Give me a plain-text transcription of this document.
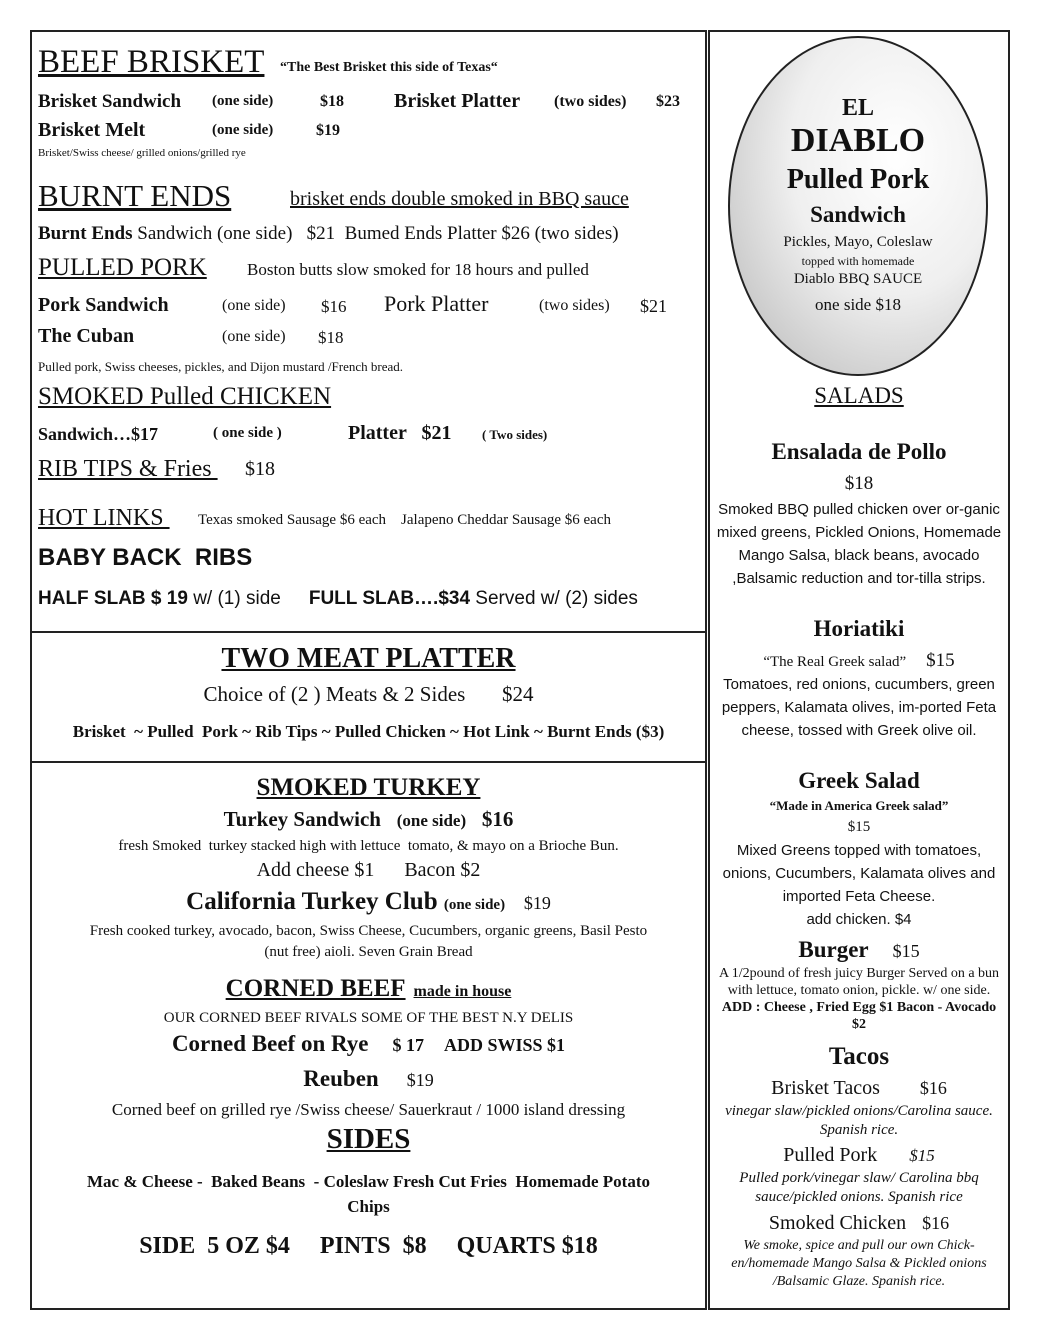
BEEF BRISKET “The Best Brisket this side of Texas“
Brisket Sandwich (one side)	$18	Brisket Platter (two sides) $23
Brisket Melt	(one side)	$19
Brisket/Swiss cheese/ grilled onions/grilled rye
BURNT ENDS	brisket ends double smoked in BBQ sauce
Burnt Ends Sandwich (one side)   $21  Bumed Ends Platter $26 (two sides)
PULLED PORK Boston butts slow smoked for 18 hours and pulled
Pork Sandwich	(one side) $16 Pork Platter	(two sides) $21
The Cuban	(one side) $18
Pulled pork, Swiss cheeses, pickles, and Dijon mustard /French bread.
SMOKED Pulled CHICKEN
Sandwich…$17	( one side )	Platter   $21 ( Two sides)
RIB TIPS & Fries $18
HOT LINKS Texas smoked Sausage $6 each    Jalapeno Cheddar Sausage $6 each
BABY BACK  RIBS
HALF SLAB $ 19 w/ (1) side FULL SLAB….$34 Served w/ (2) sides
TWO MEAT PLATTER
Choice of (2 ) Meats & 2 Sides       $24
Brisket  ~ Pulled  Pork ~ Rib Tips ~ Pulled Chicken ~ Hot Link ~ Burnt Ends ($3)
SMOKED TURKEY
Turkey Sandwich (one side) $16
fresh Smoked  turkey stacked high with lettuce  tomato, & mayo on a Brioche Bun.
Add cheese $1      Bacon $2
California Turkey Club (one side) $19
Fresh cooked turkey, avocado, bacon, Swiss Cheese, Cucumbers, organic greens, Basil Pesto
(nut free) aioli. Seven Grain Bread
CORNED BEEF made in house
OUR CORNED BEEF RIVALS SOME OF THE BEST N.Y DELIS
Corned Beef on Rye $ 17 ADD SWISS $1
Reuben $19
Corned beef on grilled rye /Swiss cheese/ Sauerkraut / 1000 island dressing
SIDES
Mac & Cheese -  Baked Beans  - Coleslaw Fresh Cut Fries  Homemade Potato
Chips
SIDE  5 OZ $4     PINTS  $8     QUARTS $18
EL
DIABLO
Pulled Pork
Sandwich
Pickles, Mayo, Coleslaw
topped with homemade
Diablo BBQ SAUCE
one side $18
SALADS
Ensalada de Pollo
$18
Smoked BBQ pulled chicken over or-ganic mixed greens, Pickled Onions, Homemade Mango Salsa, black beans, avocado ,Balsamic reduction and tor-tilla strips.
Horiatiki
“The Real Greek salad” $15
Tomatoes, red onions, cucumbers, green peppers, Kalamata olives, im-ported Feta cheese, tossed with Greek olive oil.
Greek Salad
“Made in America Greek salad”
$15
Mixed Greens topped with tomatoes, onions, Cucumbers, Kalamata olives and imported Feta Cheese.
add chicken. $4
Burger $15
A 1/2pound of fresh juicy Burger Served on a bun with lettuce, tomato onion, pickle. w/ one side. ADD : Cheese , Fried Egg $1 Bacon - Avocado $2
Tacos
Brisket Tacos $16
vinegar slaw/pickled onions/Carolina sauce. Spanish rice.
Pulled Pork $15
Pulled pork/vinegar slaw/ Carolina bbq sauce/pickled onions. Spanish rice
Smoked Chicken $16
We smoke, spice and pull our own Chick-en/homemade Mango Salsa & Pickled onions /Balsamic Glaze. Spanish rice.
